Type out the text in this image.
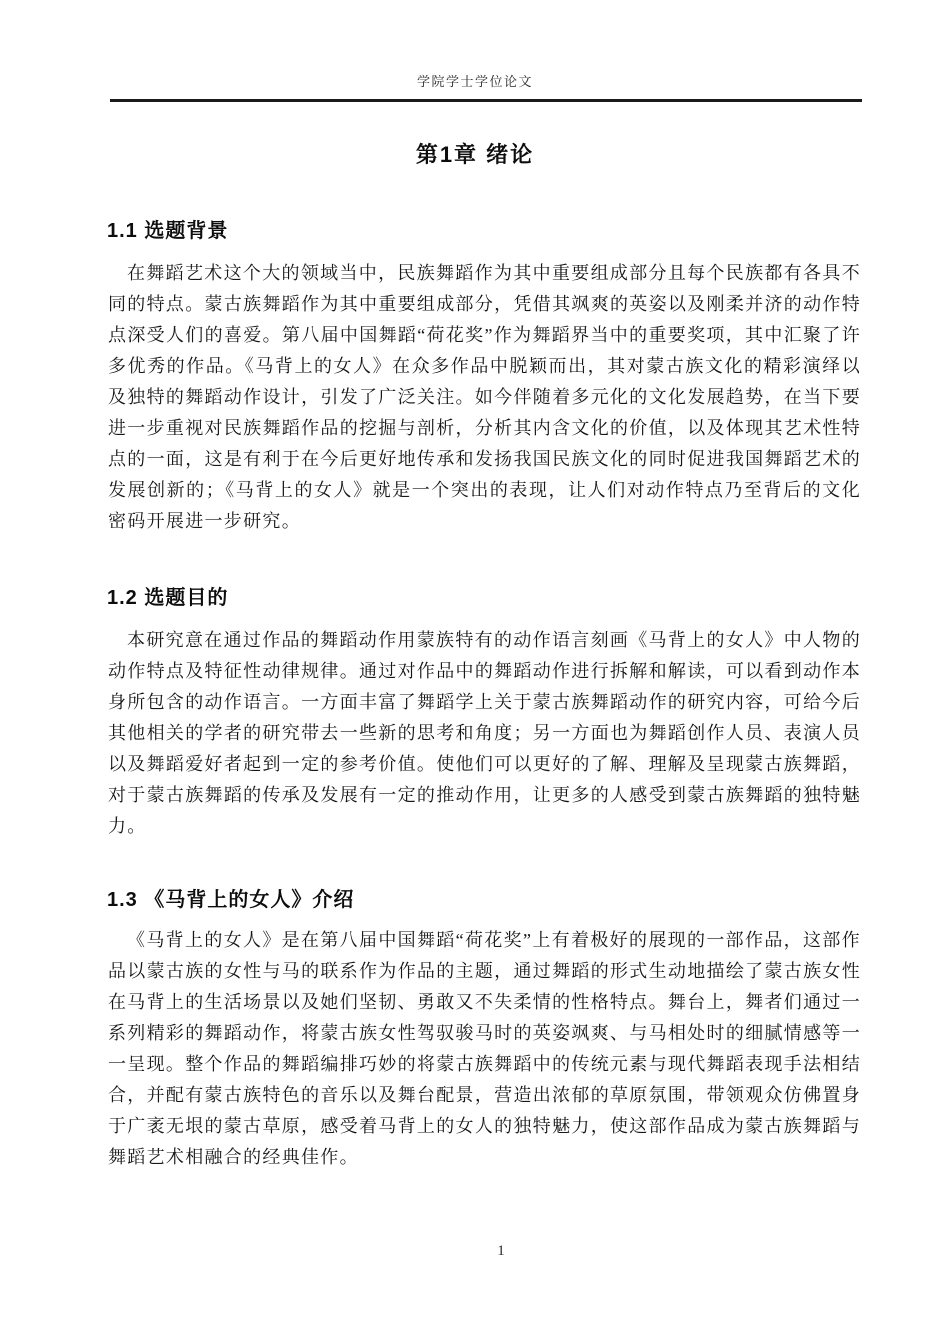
学院学士学位论文
第1章 绪论
1.1 选题背景

在舞蹈艺术这个大的领域当中，民族舞蹈作为其中重要组成部分且每个民族都有各具不同的特点。蒙古族舞蹈作为其中重要组成部分，凭借其飒爽的英姿以及刚柔并济的动作特点深受人们的喜爱。第八届中国舞蹈“荷花奖”作为舞蹈界当中的重要奖项，其中汇聚了许多优秀的作品。《马背上的女人》在众多作品中脱颖而出，其对蒙古族文化的精彩演绎以及独特的舞蹈动作设计，引发了广泛关注。如今伴随着多元化的文化发展趋势，在当下要进一步重视对民族舞蹈作品的挖掘与剖析，分析其内含文化的价值，以及体现其艺术性特点的一面，这是有利于在今后更好地传承和发扬我国民族文化的同时促进我国舞蹈艺术的发展创新的；《马背上的女人》就是一个突出的表现，让人们对动作特点乃至背后的文化密码开展进一步研究。

1.2 选题目的

本研究意在通过作品的舞蹈动作用蒙族特有的动作语言刻画《马背上的女人》中人物的动作特点及特征性动律规律。通过对作品中的舞蹈动作进行拆解和解读，可以看到动作本身所包含的动作语言。一方面丰富了舞蹈学上关于蒙古族舞蹈动作的研究内容，可给今后其他相关的学者的研究带去一些新的思考和角度；另一方面也为舞蹈创作人员、表演人员以及舞蹈爱好者起到一定的参考价值。使他们可以更好的了解、理解及呈现蒙古族舞蹈，对于蒙古族舞蹈的传承及发展有一定的推动作用，让更多的人感受到蒙古族舞蹈的独特魅力。

1.3 《马背上的女人》介绍

《马背上的女人》是在第八届中国舞蹈“荷花奖”上有着极好的展现的一部作品，这部作品以蒙古族的女性与马的联系作为作品的主题，通过舞蹈的形式生动地描绘了蒙古族女性在马背上的生活场景以及她们坚韧、勇敢又不失柔情的性格特点。舞台上，舞者们通过一系列精彩的舞蹈动作，将蒙古族女性驾驭骏马时的英姿飒爽、与马相处时的细腻情感等一一呈现。整个作品的舞蹈编排巧妙的将蒙古族舞蹈中的传统元素与现代舞蹈表现手法相结合，并配有蒙古族特色的音乐以及舞台配景，营造出浓郁的草原氛围，带领观众仿佛置身于广袤无垠的蒙古草原，感受着马背上的女人的独特魅力，使这部作品成为蒙古族舞蹈与舞蹈艺术相融合的经典佳作。

1
